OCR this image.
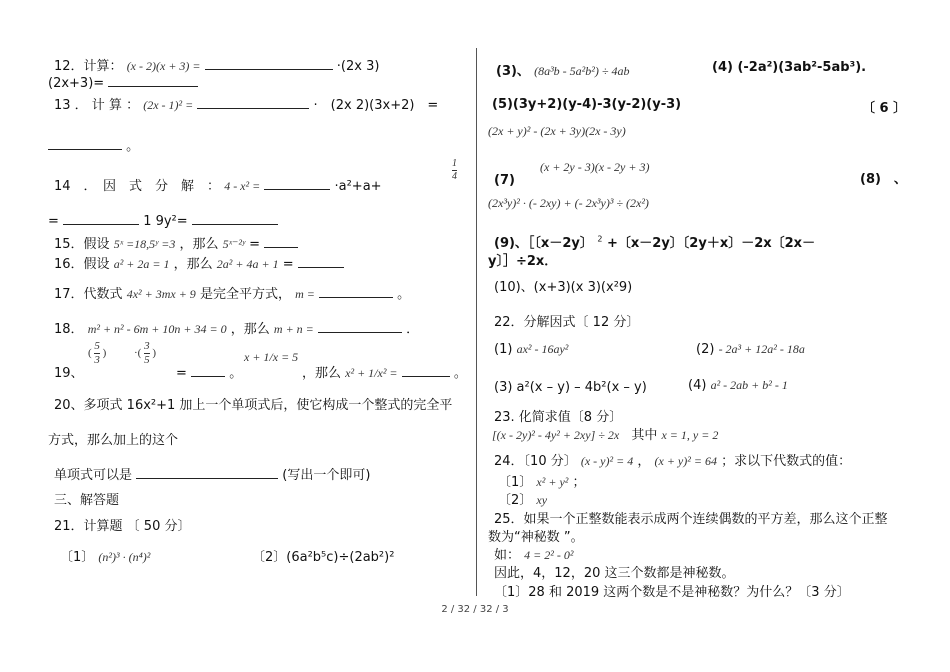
12．计算： (x - 2)(x + 3) =	·(2x 3)
(2x+3)=
13 ． 计 算 ： (2x - 1)² =	·　(2x 2)(3x+2)　=
。
14　．　因　式　分　解　： 4 - x² =	·a²+a+
1
4
=	1 9y²=
15．假设 5ˣ =18,5ʸ =3 ，那么 5ˣ⁻²ʸ =
16．假设 a² + 2a = 1 ，那么 2a² + 4a + 1 =
17．代数式 4x² + 3mx + 9 是完全平方式， m =	。
18． m² + n² - 6m + 10n + 34 = 0 ，那么 m + n =	．
( $\frac{5}{3}$ )	·( $\frac{3}{5}$ )
19、	=	。
x + 1/x = 5
，那么 x² + 1/x² =	。
20、多项式 16x²+1 加上一个单项式后，使它构成一个整式的完全平
方式，那么加上的这个
单项式可以是	(写出一个即可)
三、解答题
21．计算题 〔 50 分〕
〔1〕 (n²)³ · (n⁴)²	〔2〕(6a²b⁵c)÷(2ab²)²
(3)、 (8a³b - 5a²b²) ÷ 4ab	(4) (-2a²)(3ab²-5ab³).
(5)(3y+2)(y-4)-3(y-2)(y-3)	〔 6 〕
(2x + y)² - (2x + 3y)(2x - 3y)
(x + 2y - 3)(x - 2y + 3)
(7)	(8)　、
(2x³y)² · (- 2xy) + (- 2x³y)³ ÷ (2x²)
(9)、［〔x－2y〕 $^2$ +〔x－2y〕〔2y＋x〕－2x〔2x－
y〕］÷2x．
(10)、(x+3)(x 3)(x²9)
22．分解因式〔 12 分〕
(1) ax² - 16ay²	(2) - 2a³ + 12a² - 18a
(3) a²(x – y) – 4b²(x – y)	(4) a² - 2ab + b² - 1
23. 化简求值〔8 分〕
[(x - 2y)² - 4y² + 2xy] ÷ 2x 其中 x = 1, y = 2
24．〔10 分〕 (x - y)² = 4 ， (x + y)² = 64 ；求以下代数式的值：
〔1〕 x² + y² ；
〔2〕 xy
25．如果一个正整数能表示成两个连续偶数的平方差，那么这个正整
数为“神秘数 ”。
如： 4 = 2² - 0²
因此，4，12，20 这三个数都是神秘数。
〔1〕28 和 2019 这两个数是不是神秘数？为什么？〔3 分〕
2 / 32 / 32 / 3
